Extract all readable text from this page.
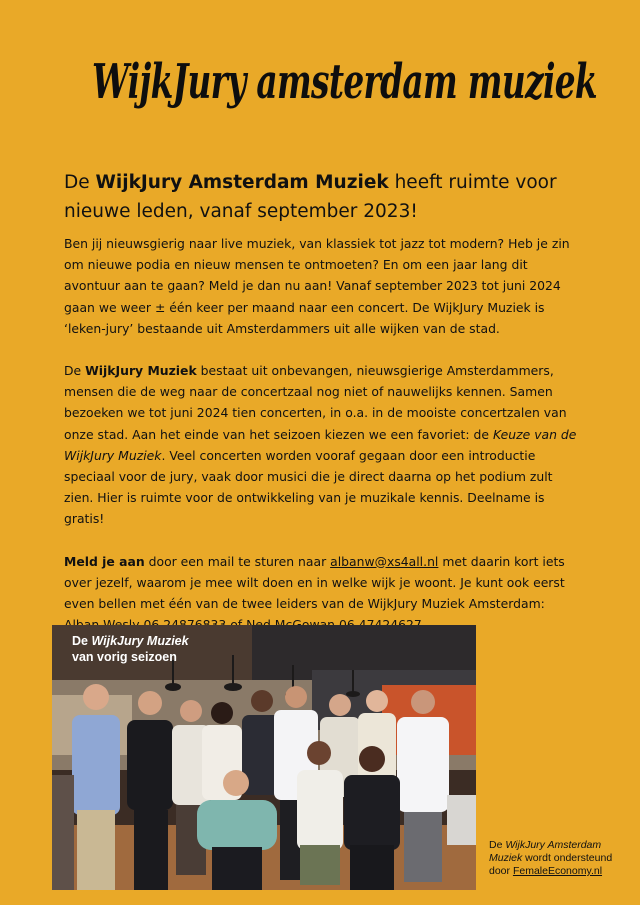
WijkJury amsterdam muziek
De WijkJury Amsterdam Muziek heeft ruimte voor nieuwe leden, vanaf september 2023!

Ben jij nieuwsgierig naar live muziek, van klassiek tot jazz tot modern? Heb je zin om nieuwe podia en nieuw mensen te ontmoeten? En om een jaar lang dit avontuur aan te gaan? Meld je dan nu aan! Vanaf september 2023 tot juni 2024 gaan we weer ± één keer per maand naar een concert. De WijkJury Muziek is ‘leken-jury’ bestaande uit Amsterdammers uit alle wijken van de stad.

De WijkJury Muziek bestaat uit onbevangen, nieuwsgierige Amsterdammers, mensen die de weg naar de concertzaal nog niet of nauwelijks kennen. Samen bezoeken we tot juni 2024 tien concerten, in o.a. in de mooiste concertzalen van onze stad. Aan het einde van het seizoen kiezen we een favoriet: de Keuze van de WijkJury Muziek. Veel concerten worden vooraf gegaan door een introductie speciaal voor de jury, vaak door musici die je direct daarna op het podium zult zien. Hier is ruimte voor de ontwikkeling van je muzikale kennis. Deelname is gratis!

Meld je aan door een mail te sturen naar albanw@xs4all.nl met daarin kort iets over jezelf, waarom je mee wilt doen en in welke wijk je woont. Je kunt ook eerst even bellen met één van de twee leiders van de WijkJury Muziek Amsterdam:

De WijkJury Muziek
van vorig seizoen
De WijkJury Amsterdam Muziek wordt ondersteund door FemaleEconomy.nl
